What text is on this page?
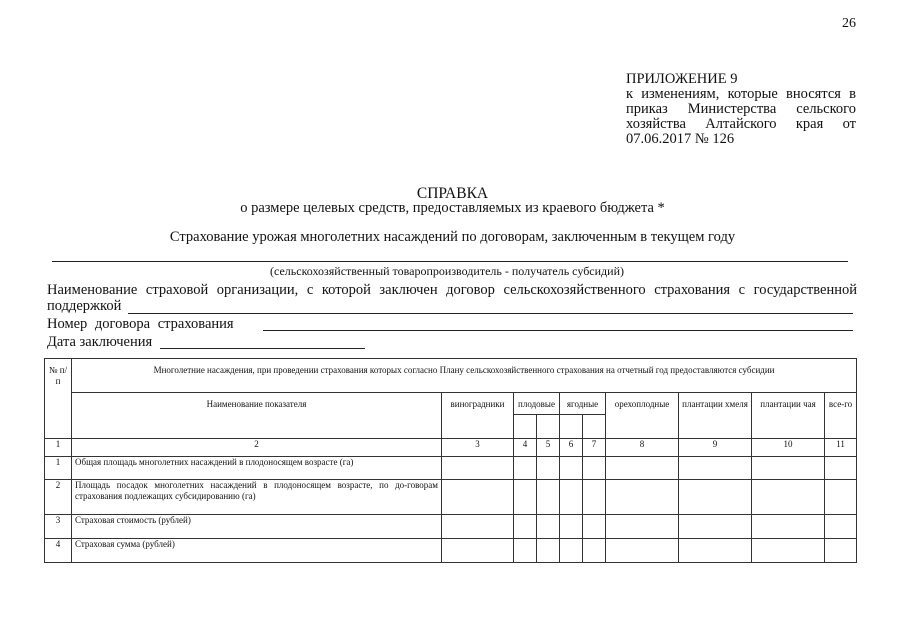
26
ПРИЛОЖЕНИЕ 9
к изменениям, которые вносятся в приказ Министерства сельского хозяйства Алтайского края от 07.06.2017 № 126
СПРАВКА
о размере целевых средств, предоставляемых из краевого бюджета *
Страхование урожая многолетних насаждений по договорам, заключенным в текущем году
(сельскохозяйственный товаропроизводитель - получатель субсидий)
Наименование страховой организации, с которой заключен договор сельскохозяйственного страхования с государственной
поддержкой
Номер договора страхования
Дата заключения
№ п/п	Многолетние насаждения, при проведении страхования которых согласно Плану сельскохозяйственного страхования на отчетный год предоставляются субсидии									
	Наименование показателя	виноградники	плодовые		ягодные		орехоплодные	плантации хмеля	плантации чая	все-го

1	2	3	4	5	6	7	8	9	10	11
1	Общая площадь многолетних насаждений в плодоносящем возрасте (га)									
2	Площадь посадок многолетних насаждений в плодоносящем возрасте, по до-говорам страхования подлежащих субсидированию (га)									
3	Страховая стоимость (рублей)									
4	Страховая сумма (рублей)									
